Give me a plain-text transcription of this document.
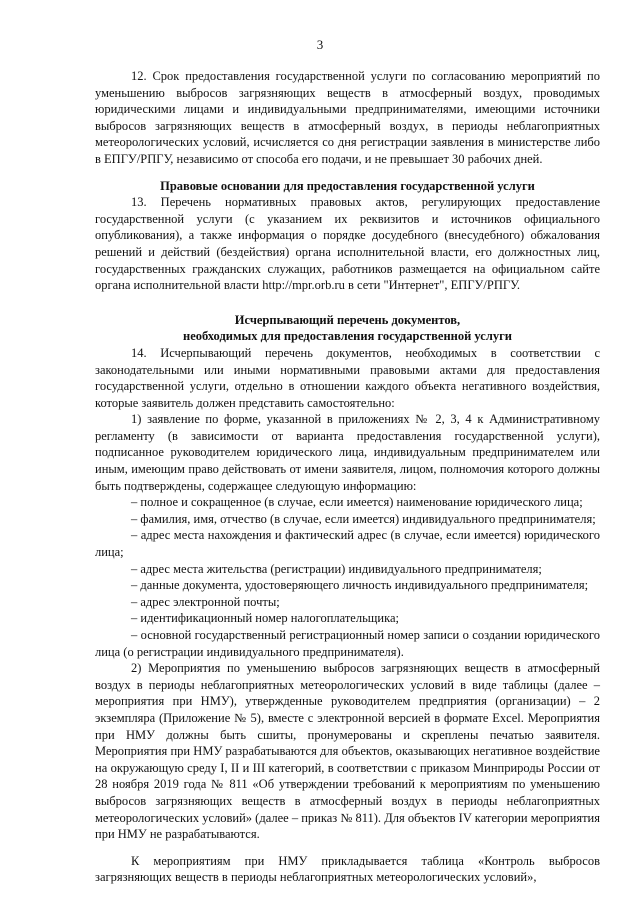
3

12. Срок предоставления государственной услуги по согласованию мероприятий по уменьшению выбросов загрязняющих веществ в атмосферный воздух, проводимых юридическими лицами и индивидуальными предпринимателями, имеющими источники выбросов загрязняющих веществ в атмосферный воздух, в периоды неблагоприятных метеорологических условий, исчисляется со дня регистрации заявления в министерстве либо в ЕПГУ/РПГУ, независимо от способа его подачи, и не превышает 30 рабочих дней.

Правовые основании для предоставления государственной услуги

13. Перечень нормативных правовых актов, регулирующих предоставление государственной услуги (с указанием их реквизитов и источников официального опубликования), а также информация о порядке досудебного (внесудебного) обжалования решений и действий (бездействия) органа исполнительной власти, его должностных лиц, государственных гражданских служащих, работников размещается на официальном сайте органа исполнительной власти http://mpr.orb.ru в сети "Интернет", ЕПГУ/РПГУ.

Исчерпывающий перечень документов,

необходимых для предоставления государственной услуги

14. Исчерпывающий перечень документов, необходимых в соответствии с законодательными или иными нормативными правовыми актами для предоставления государственной услуги, отдельно в отношении каждого объекта негативного воздействия, которые заявитель должен представить самостоятельно:

1) заявление по форме, указанной в приложениях № 2, 3, 4 к Административному регламенту (в зависимости от варианта предоставления государственной услуги), подписанное руководителем юридического лица, индивидуальным предпринимателем или иным, имеющим право действовать от имени заявителя, лицом, полномочия которого должны быть подтверждены, содержащее следующую информацию:

– полное и сокращенное (в случае, если имеется) наименование юридического лица;

– фамилия, имя, отчество (в случае, если имеется) индивидуального предпринимателя;

– адрес места нахождения и фактический адрес (в случае, если имеется) юридического лица;

– адрес места жительства (регистрации) индивидуального предпринимателя;

– данные документа, удостоверяющего личность индивидуального предпринимателя;

– адрес электронной почты;

– идентификационный номер налогоплательщика;

– основной государственный регистрационный номер записи о создании юридического лица (о регистрации индивидуального предпринимателя).

2) Мероприятия по уменьшению выбросов загрязняющих веществ в атмосферный воздух в периоды неблагоприятных метеорологических условий в виде таблицы (далее – мероприятия при НМУ), утвержденные руководителем предприятия (организации) – 2 экземпляра (Приложение № 5), вместе с электронной версией в формате Excel. Мероприятия при НМУ должны быть сшиты, пронумерованы и скреплены печатью заявителя. Мероприятия при НМУ разрабатываются для объектов, оказывающих негативное воздействие на окружающую среду I, II и III категорий, в соответствии с приказом Минприроды России от 28 ноября 2019 года № 811 «Об утверждении требований к мероприятиям по уменьшению выбросов загрязняющих веществ в атмосферный воздух в периоды неблагоприятных метеорологических условий» (далее – приказ № 811). Для объектов IV категории мероприятия при НМУ не разрабатываются.

К мероприятиям при НМУ прикладывается таблица «Контроль выбросов загрязняющих веществ в периоды неблагоприятных метеорологических условий»,
